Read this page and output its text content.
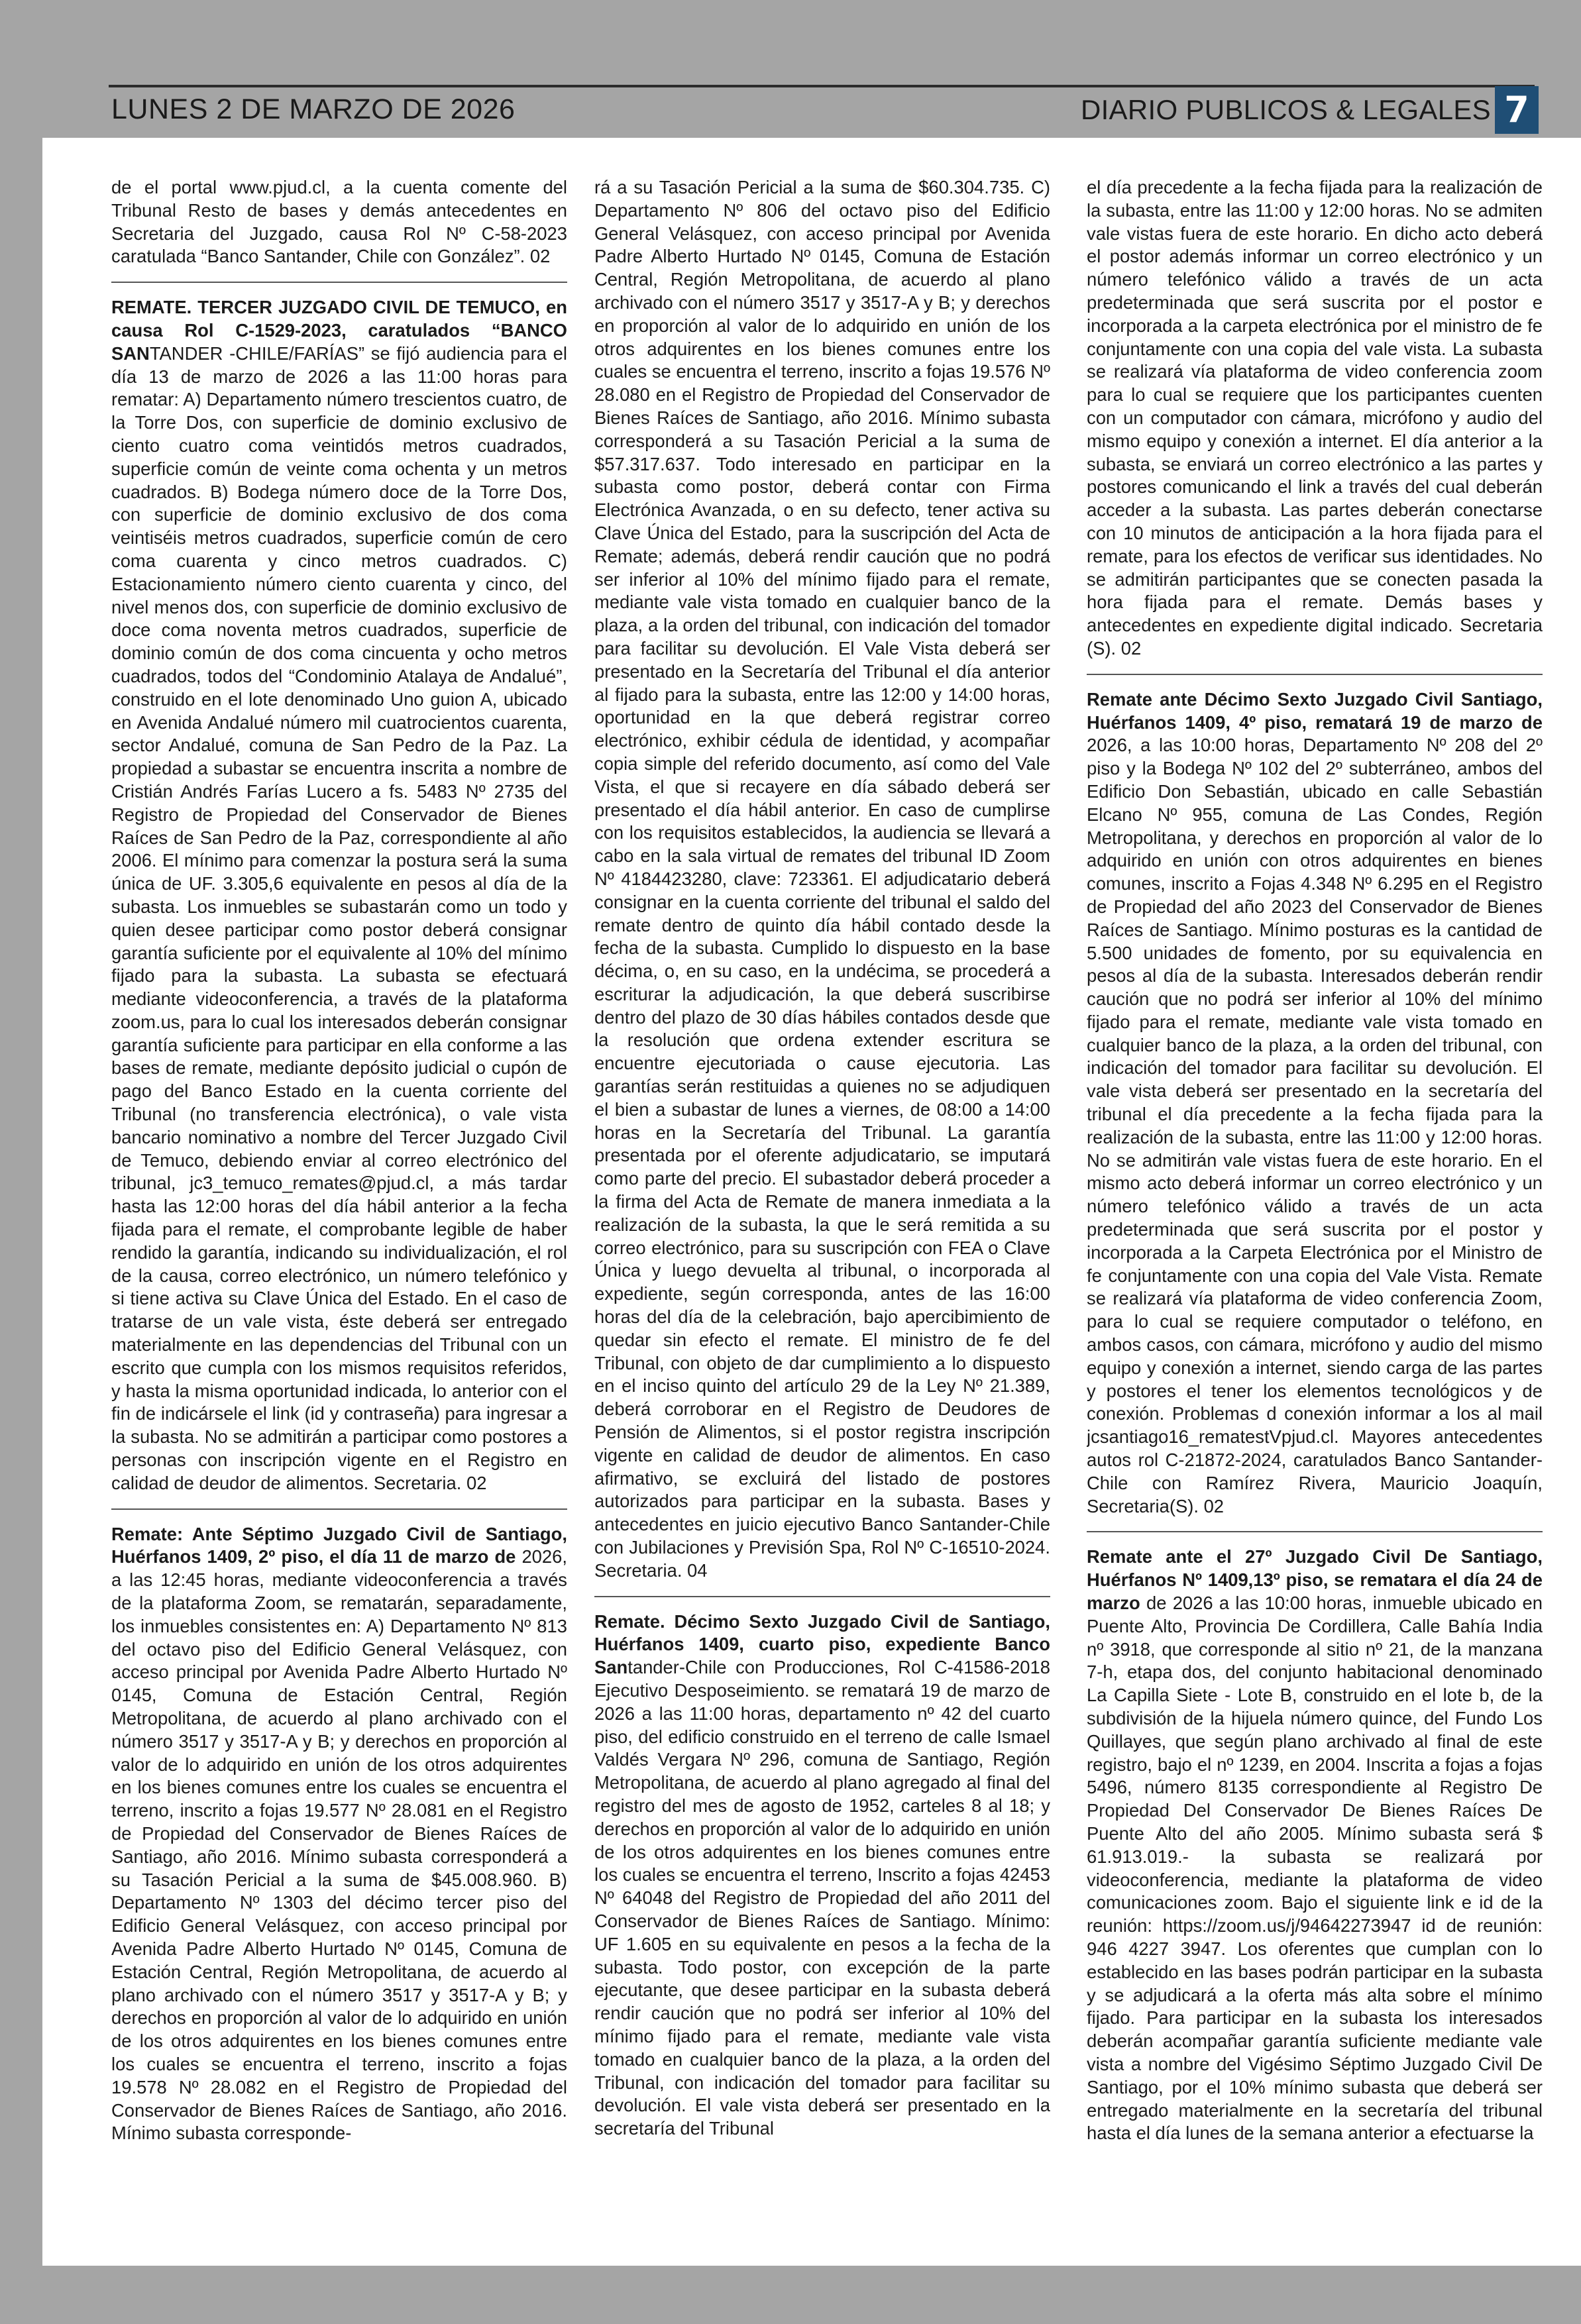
LUNES 2 DE MARZO DE 2026	DIARIO PUBLICOS & LEGALES 7

de el portal www.pjud.cl, a la cuenta comente del Tribunal Resto de bases y demás antecedentes en Secretaria del Juzgado, causa Rol Nº C-58-2023 caratulada “Banco Santander, Chile con González”. 02

REMATE. TERCER JUZGADO CIVIL DE TEMUCO, en causa Rol C-1529-2023, caratulados “BANCO SANTANDER -CHILE/FARÍAS” se fijó audiencia para el día 13 de marzo de 2026 a las 11:00 horas para rematar: A) Departamento número trescientos cuatro, de la Torre Dos, con superficie de dominio exclusivo de ciento cuatro coma veintidós metros cuadrados, superficie común de veinte coma ochenta y un metros cuadrados. B) Bodega número doce de la Torre Dos, con superficie de dominio exclusivo de dos coma veintiséis metros cuadrados, superficie común de cero coma cuarenta y cinco metros cuadrados. C) Estacionamiento número ciento cuarenta y cinco, del nivel menos dos, con superficie de dominio exclusivo de doce coma noventa metros cuadrados, superficie de dominio común de dos coma cincuenta y ocho metros cuadrados, todos del “Condominio Atalaya de Andalué”, construido en el lote denominado Uno guion A, ubicado en Avenida Andalué número mil cuatrocientos cuarenta, sector Andalué, comuna de San Pedro de la Paz. La propiedad a subastar se encuentra inscrita a nombre de Cristián Andrés Farías Lucero a fs. 5483 Nº 2735 del Registro de Propiedad del Conservador de Bienes Raíces de San Pedro de la Paz, correspondiente al año 2006. El mínimo para comenzar la postura será la suma única de UF. 3.305,6 equivalente en pesos al día de la subasta. Los inmuebles se subastarán como un todo y quien desee participar como postor deberá consignar garantía suficiente por el equivalente al 10% del mínimo fijado para la subasta. La subasta se efectuará mediante videoconferencia, a través de la plataforma zoom.us, para lo cual los interesados deberán consignar garantía suficiente para participar en ella conforme a las bases de remate, mediante depósito judicial o cupón de pago del Banco Estado en la cuenta corriente del Tribunal (no transferencia electrónica), o vale vista bancario nominativo a nombre del Tercer Juzgado Civil de Temuco, debiendo enviar al correo electrónico del tribunal, jc3_temuco_remates@pjud.cl, a más tardar hasta las 12:00 horas del día hábil anterior a la fecha fijada para el remate, el comprobante legible de haber rendido la garantía, indicando su individualización, el rol de la causa, correo electrónico, un número telefónico y si tiene activa su Clave Única del Estado. En el caso de tratarse de un vale vista, éste deberá ser entregado materialmente en las dependencias del Tribunal con un escrito que cumpla con los mismos requisitos referidos, y hasta la misma oportunidad indicada, lo anterior con el fin de indicársele el link (id y contraseña) para ingresar a la subasta. No se admitirán a participar como postores a personas con inscripción vigente en el Registro en calidad de deudor de alimentos. Secretaria. 02

Remate: Ante Séptimo Juzgado Civil de Santiago, Huérfanos 1409, 2º piso, el día 11 de marzo de 2026, a las 12:45 horas, mediante videoconferencia a través de la plataforma Zoom, se rematarán, separadamente, los inmuebles consistentes en: A) Departamento Nº 813 del octavo piso del Edificio General Velásquez, con acceso principal por Avenida Padre Alberto Hurtado Nº 0145, Comuna de Estación Central, Región Metropolitana, de acuerdo al plano archivado con el número 3517 y 3517-A y B; y derechos en proporción al valor de lo adquirido en unión de los otros adquirentes en los bienes comunes entre los cuales se encuentra el terreno, inscrito a fojas 19.577 Nº 28.081 en el Registro de Propiedad del Conservador de Bienes Raíces de Santiago, año 2016. Mínimo subasta corresponderá a su Tasación Pericial a la suma de $45.008.960. B) Departamento Nº 1303 del décimo tercer piso del Edificio General Velásquez, con acceso principal por Avenida Padre Alberto Hurtado Nº 0145, Comuna de Estación Central, Región Metropolitana, de acuerdo al plano archivado con el número 3517 y 3517-A y B; y derechos en proporción al valor de lo adquirido en unión de los otros adquirentes en los bienes comunes entre los cuales se encuentra el terreno, inscrito a fojas 19.578 Nº 28.082 en el Registro de Propiedad del Conservador de Bienes Raíces de Santiago, año 2016. Mínimo subasta corresponde-

rá a su Tasación Pericial a la suma de $60.304.735. C) Departamento Nº 806 del octavo piso del Edificio General Velásquez, con acceso principal por Avenida Padre Alberto Hurtado Nº 0145, Comuna de Estación Central, Región Metropolitana, de acuerdo al plano archivado con el número 3517 y 3517-A y B; y derechos en proporción al valor de lo adquirido en unión de los otros adquirentes en los bienes comunes entre los cuales se encuentra el terreno, inscrito a fojas 19.576 Nº 28.080 en el Registro de Propiedad del Conservador de Bienes Raíces de Santiago, año 2016. Mínimo subasta corresponderá a su Tasación Pericial a la suma de $57.317.637. Todo interesado en participar en la subasta como postor, deberá contar con Firma Electrónica Avanzada, o en su defecto, tener activa su Clave Única del Estado, para la suscripción del Acta de Remate; además, deberá rendir caución que no podrá ser inferior al 10% del mínimo fijado para el remate, mediante vale vista tomado en cualquier banco de la plaza, a la orden del tribunal, con indicación del tomador para facilitar su devolución. El Vale Vista deberá ser presentado en la Secretaría del Tribunal el día anterior al fijado para la subasta, entre las 12:00 y 14:00 horas, oportunidad en la que deberá registrar correo electrónico, exhibir cédula de identidad, y acompañar copia simple del referido documento, así como del Vale Vista, el que si recayere en día sábado deberá ser presentado el día hábil anterior. En caso de cumplirse con los requisitos establecidos, la audiencia se llevará a cabo en la sala virtual de remates del tribunal ID Zoom Nº 4184423280, clave: 723361. El adjudicatario deberá consignar en la cuenta corriente del tribunal el saldo del remate dentro de quinto día hábil contado desde la fecha de la subasta. Cumplido lo dispuesto en la base décima, o, en su caso, en la undécima, se procederá a escriturar la adjudicación, la que deberá suscribirse dentro del plazo de 30 días hábiles contados desde que la resolución que ordena extender escritura se encuentre ejecutoriada o cause ejecutoria. Las garantías serán restituidas a quienes no se adjudiquen el bien a subastar de lunes a viernes, de 08:00 a 14:00 horas en la Secretaría del Tribunal. La garantía presentada por el oferente adjudicatario, se imputará como parte del precio. El subastador deberá proceder a la firma del Acta de Remate de manera inmediata a la realización de la subasta, la que le será remitida a su correo electrónico, para su suscripción con FEA o Clave Única y luego devuelta al tribunal, o incorporada al expediente, según corresponda, antes de las 16:00 horas del día de la celebración, bajo apercibimiento de quedar sin efecto el remate. El ministro de fe del Tribunal, con objeto de dar cumplimiento a lo dispuesto en el inciso quinto del artículo 29 de la Ley Nº 21.389, deberá corroborar en el Registro de Deudores de Pensión de Alimentos, si el postor registra inscripción vigente en calidad de deudor de alimentos. En caso afirmativo, se excluirá del listado de postores autorizados para participar en la subasta. Bases y antecedentes en juicio ejecutivo Banco Santander-Chile con Jubilaciones y Previsión Spa, Rol Nº C-16510-2024. Secretaria. 04

Remate. Décimo Sexto Juzgado Civil de Santiago, Huérfanos 1409, cuarto piso, expediente Banco Santander-Chile con Producciones, Rol C-41586-2018 Ejecutivo Desposeimiento. se rematará 19 de marzo de 2026 a las 11:00 horas, departamento nº 42 del cuarto piso, del edificio construido en el terreno de calle Ismael Valdés Vergara Nº 296, comuna de Santiago, Región Metropolitana, de acuerdo al plano agregado al final del registro del mes de agosto de 1952, carteles 8 al 18; y derechos en proporción al valor de lo adquirido en unión de los otros adquirentes en los bienes comunes entre los cuales se encuentra el terreno, Inscrito a fojas 42453 Nº 64048 del Registro de Propiedad del año 2011 del Conservador de Bienes Raíces de Santiago. Mínimo: UF 1.605 en su equivalente en pesos a la fecha de la subasta. Todo postor, con excepción de la parte ejecutante, que desee participar en la subasta deberá rendir caución que no podrá ser inferior al 10% del mínimo fijado para el remate, mediante vale vista tomado en cualquier banco de la plaza, a la orden del Tribunal, con indicación del tomador para facilitar su devolución. El vale vista deberá ser presentado en la secretaría del Tribunal

el día precedente a la fecha fijada para la realización de la subasta, entre las 11:00 y 12:00 horas. No se admiten vale vistas fuera de este horario. En dicho acto deberá el postor además informar un correo electrónico y un número telefónico válido a través de un acta predeterminada que será suscrita por el postor e incorporada a la carpeta electrónica por el ministro de fe conjuntamente con una copia del vale vista. La subasta se realizará vía plataforma de video conferencia zoom para lo cual se requiere que los participantes cuenten con un computador con cámara, micrófono y audio del mismo equipo y conexión a internet. El día anterior a la subasta, se enviará un correo electrónico a las partes y postores comunicando el link a través del cual deberán acceder a la subasta. Las partes deberán conectarse con 10 minutos de anticipación a la hora fijada para el remate, para los efectos de verificar sus identidades. No se admitirán participantes que se conecten pasada la hora fijada para el remate. Demás bases y antecedentes en expediente digital indicado. Secretaria (S). 02

Remate ante Décimo Sexto Juzgado Civil Santiago, Huérfanos 1409, 4º piso, rematará 19 de marzo de 2026, a las 10:00 horas, Departamento Nº 208 del 2º piso y la Bodega Nº 102 del 2º subterráneo, ambos del Edificio Don Sebastián, ubicado en calle Sebastián Elcano Nº 955, comuna de Las Condes, Región Metropolitana, y derechos en proporción al valor de lo adquirido en unión con otros adquirentes en bienes comunes, inscrito a Fojas 4.348 Nº 6.295 en el Registro de Propiedad del año 2023 del Conservador de Bienes Raíces de Santiago. Mínimo posturas es la cantidad de 5.500 unidades de fomento, por su equivalencia en pesos al día de la subasta. Interesados deberán rendir caución que no podrá ser inferior al 10% del mínimo fijado para el remate, mediante vale vista tomado en cualquier banco de la plaza, a la orden del tribunal, con indicación del tomador para facilitar su devolución. El vale vista deberá ser presentado en la secretaría del tribunal el día precedente a la fecha fijada para la realización de la subasta, entre las 11:00 y 12:00 horas. No se admitirán vale vistas fuera de este horario. En el mismo acto deberá informar un correo electrónico y un número telefónico válido a través de un acta predeterminada que será suscrita por el postor y incorporada a la Carpeta Electrónica por el Ministro de fe conjuntamente con una copia del Vale Vista. Remate se realizará vía plataforma de video conferencia Zoom, para lo cual se requiere computador o teléfono, en ambos casos, con cámara, micrófono y audio del mismo equipo y conexión a internet, siendo carga de las partes y postores el tener los elementos tecnológicos y de conexión. Problemas d conexión informar a los al mail jcsantiago16_rematestVpjud.cl. Mayores antecedentes autos rol C-21872-2024, caratulados Banco Santander-Chile con Ramírez Rivera, Mauricio Joaquín, Secretaria(S). 02

Remate ante el 27º Juzgado Civil De Santiago, Huérfanos Nº 1409,13º piso, se rematara el día 24 de marzo de 2026 a las 10:00 horas, inmueble ubicado en Puente Alto, Provincia De Cordillera, Calle Bahía India nº 3918, que corresponde al sitio nº 21, de la manzana 7-h, etapa dos, del conjunto habitacional denominado La Capilla Siete - Lote B, construido en el lote b, de la subdivisión de la hijuela número quince, del Fundo Los Quillayes, que según plano archivado al final de este registro, bajo el nº 1239, en 2004. Inscrita a fojas a fojas 5496, número 8135 correspondiente al Registro De Propiedad Del Conservador De Bienes Raíces De Puente Alto del año 2005. Mínimo subasta será $ 61.913.019.- la subasta se realizará por videoconferencia, mediante la plataforma de video comunicaciones zoom. Bajo el siguiente link e id de la reunión: https://zoom.us/j/94642273947 id de reunión: 946 4227 3947. Los oferentes que cumplan con lo establecido en las bases podrán participar en la subasta y se adjudicará a la oferta más alta sobre el mínimo fijado. Para participar en la subasta los interesados deberán acompañar garantía suficiente mediante vale vista a nombre del Vigésimo Séptimo Juzgado Civil De Santiago, por el 10% mínimo subasta que deberá ser entregado materialmente en la secretaría del tribunal hasta el día lunes de la semana anterior a efectuarse la
